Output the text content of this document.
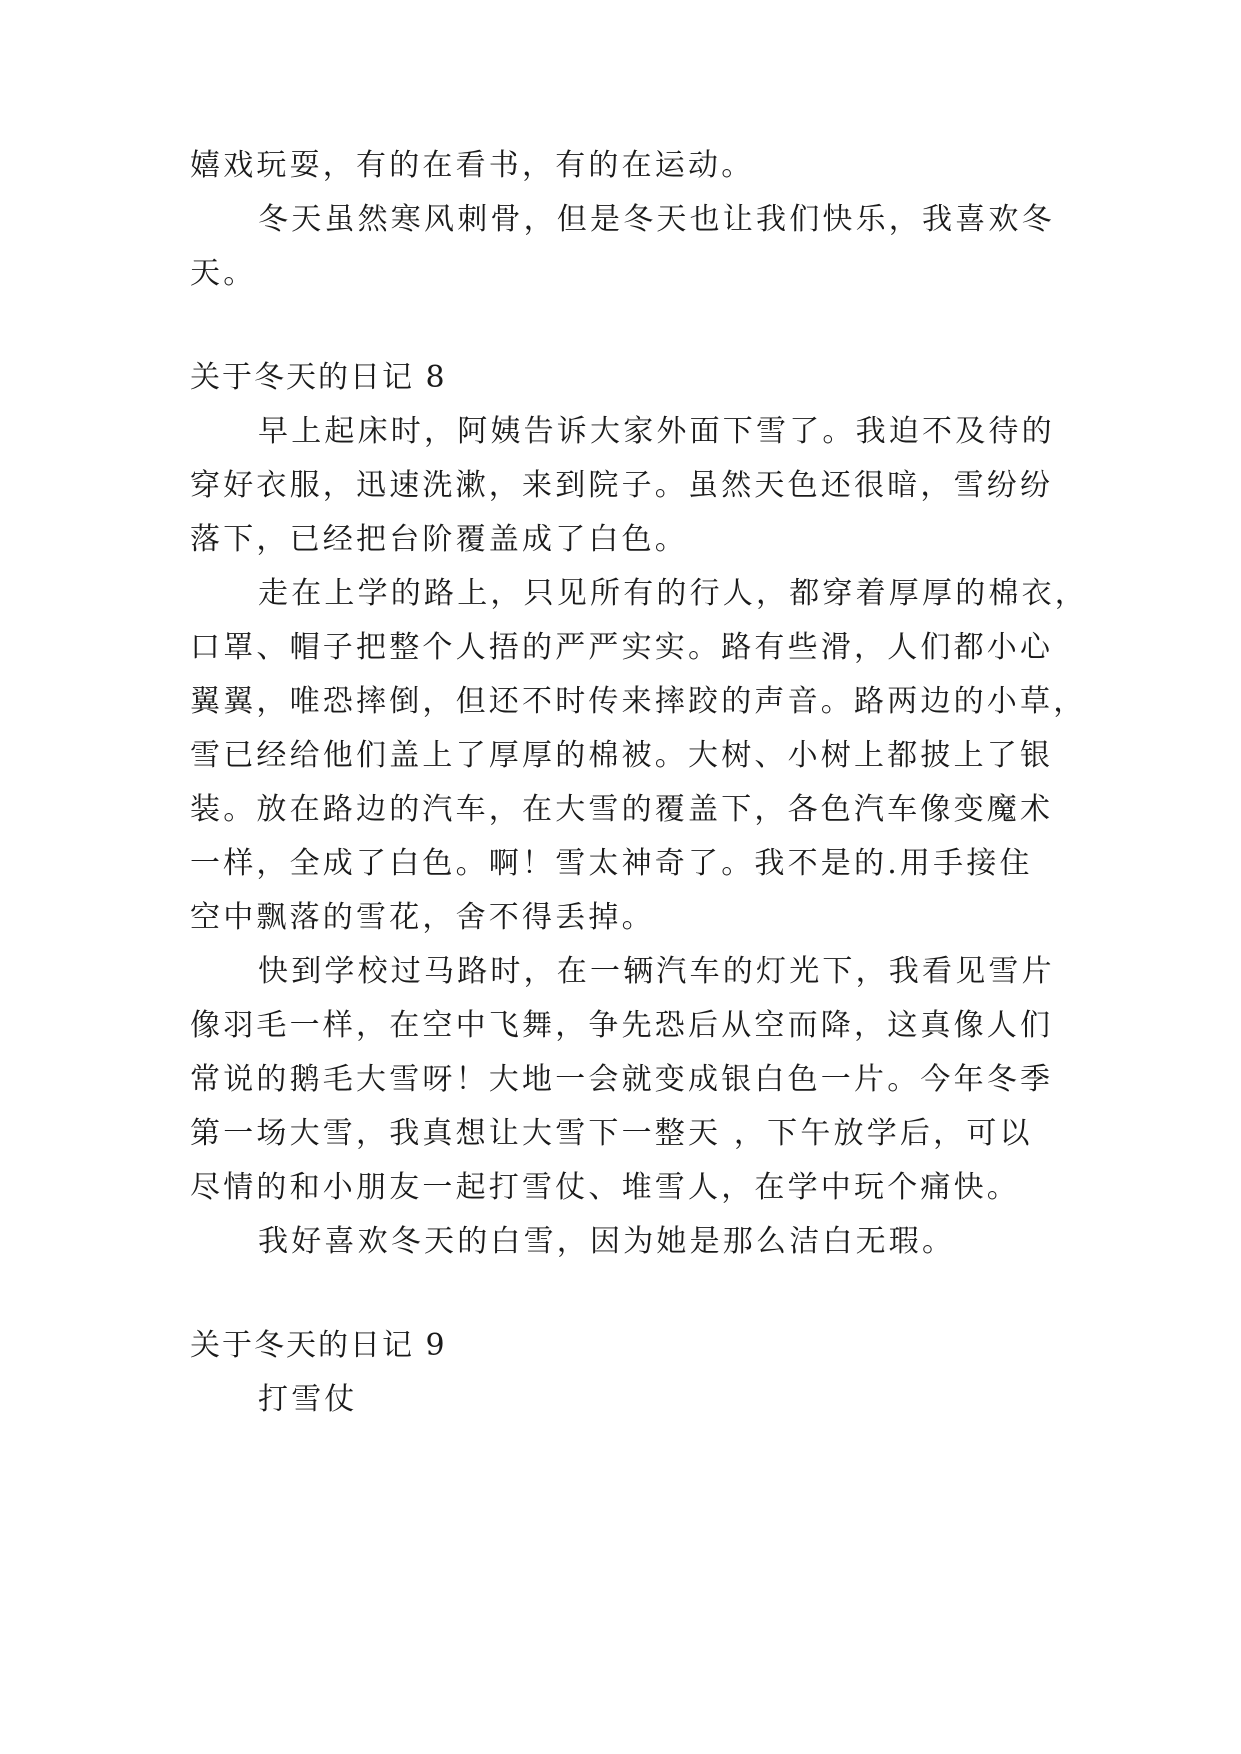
嬉戏玩耍，有的在看书，有的在运动。
冬天虽然寒风刺骨，但是冬天也让我们快乐，我喜欢冬
天。
关于冬天的日记 8
早上起床时，阿姨告诉大家外面下雪了。我迫不及待的
穿好衣服，迅速洗漱，来到院子。虽然天色还很暗，雪纷纷
落下，已经把台阶覆盖成了白色。
走在上学的路上，只见所有的行人，都穿着厚厚的棉衣，
口罩、帽子把整个人捂的严严实实。路有些滑，人们都小心
翼翼，唯恐摔倒，但还不时传来摔跤的声音。路两边的小草，
雪已经给他们盖上了厚厚的棉被。大树、小树上都披上了银
装。放在路边的汽车，在大雪的覆盖下，各色汽车像变魔术
一样，全成了白色。啊！雪太神奇了。我不是的.用手接住
空中飘落的雪花，舍不得丢掉。
快到学校过马路时，在一辆汽车的灯光下，我看见雪片
像羽毛一样，在空中飞舞，争先恐后从空而降，这真像人们
常说的鹅毛大雪呀！大地一会就变成银白色一片。今年冬季
第一场大雪，我真想让大雪下一整天 ，下午放学后，可以
尽情的和小朋友一起打雪仗、堆雪人，在学中玩个痛快。
我好喜欢冬天的白雪，因为她是那么洁白无瑕。
关于冬天的日记 9
打雪仗
